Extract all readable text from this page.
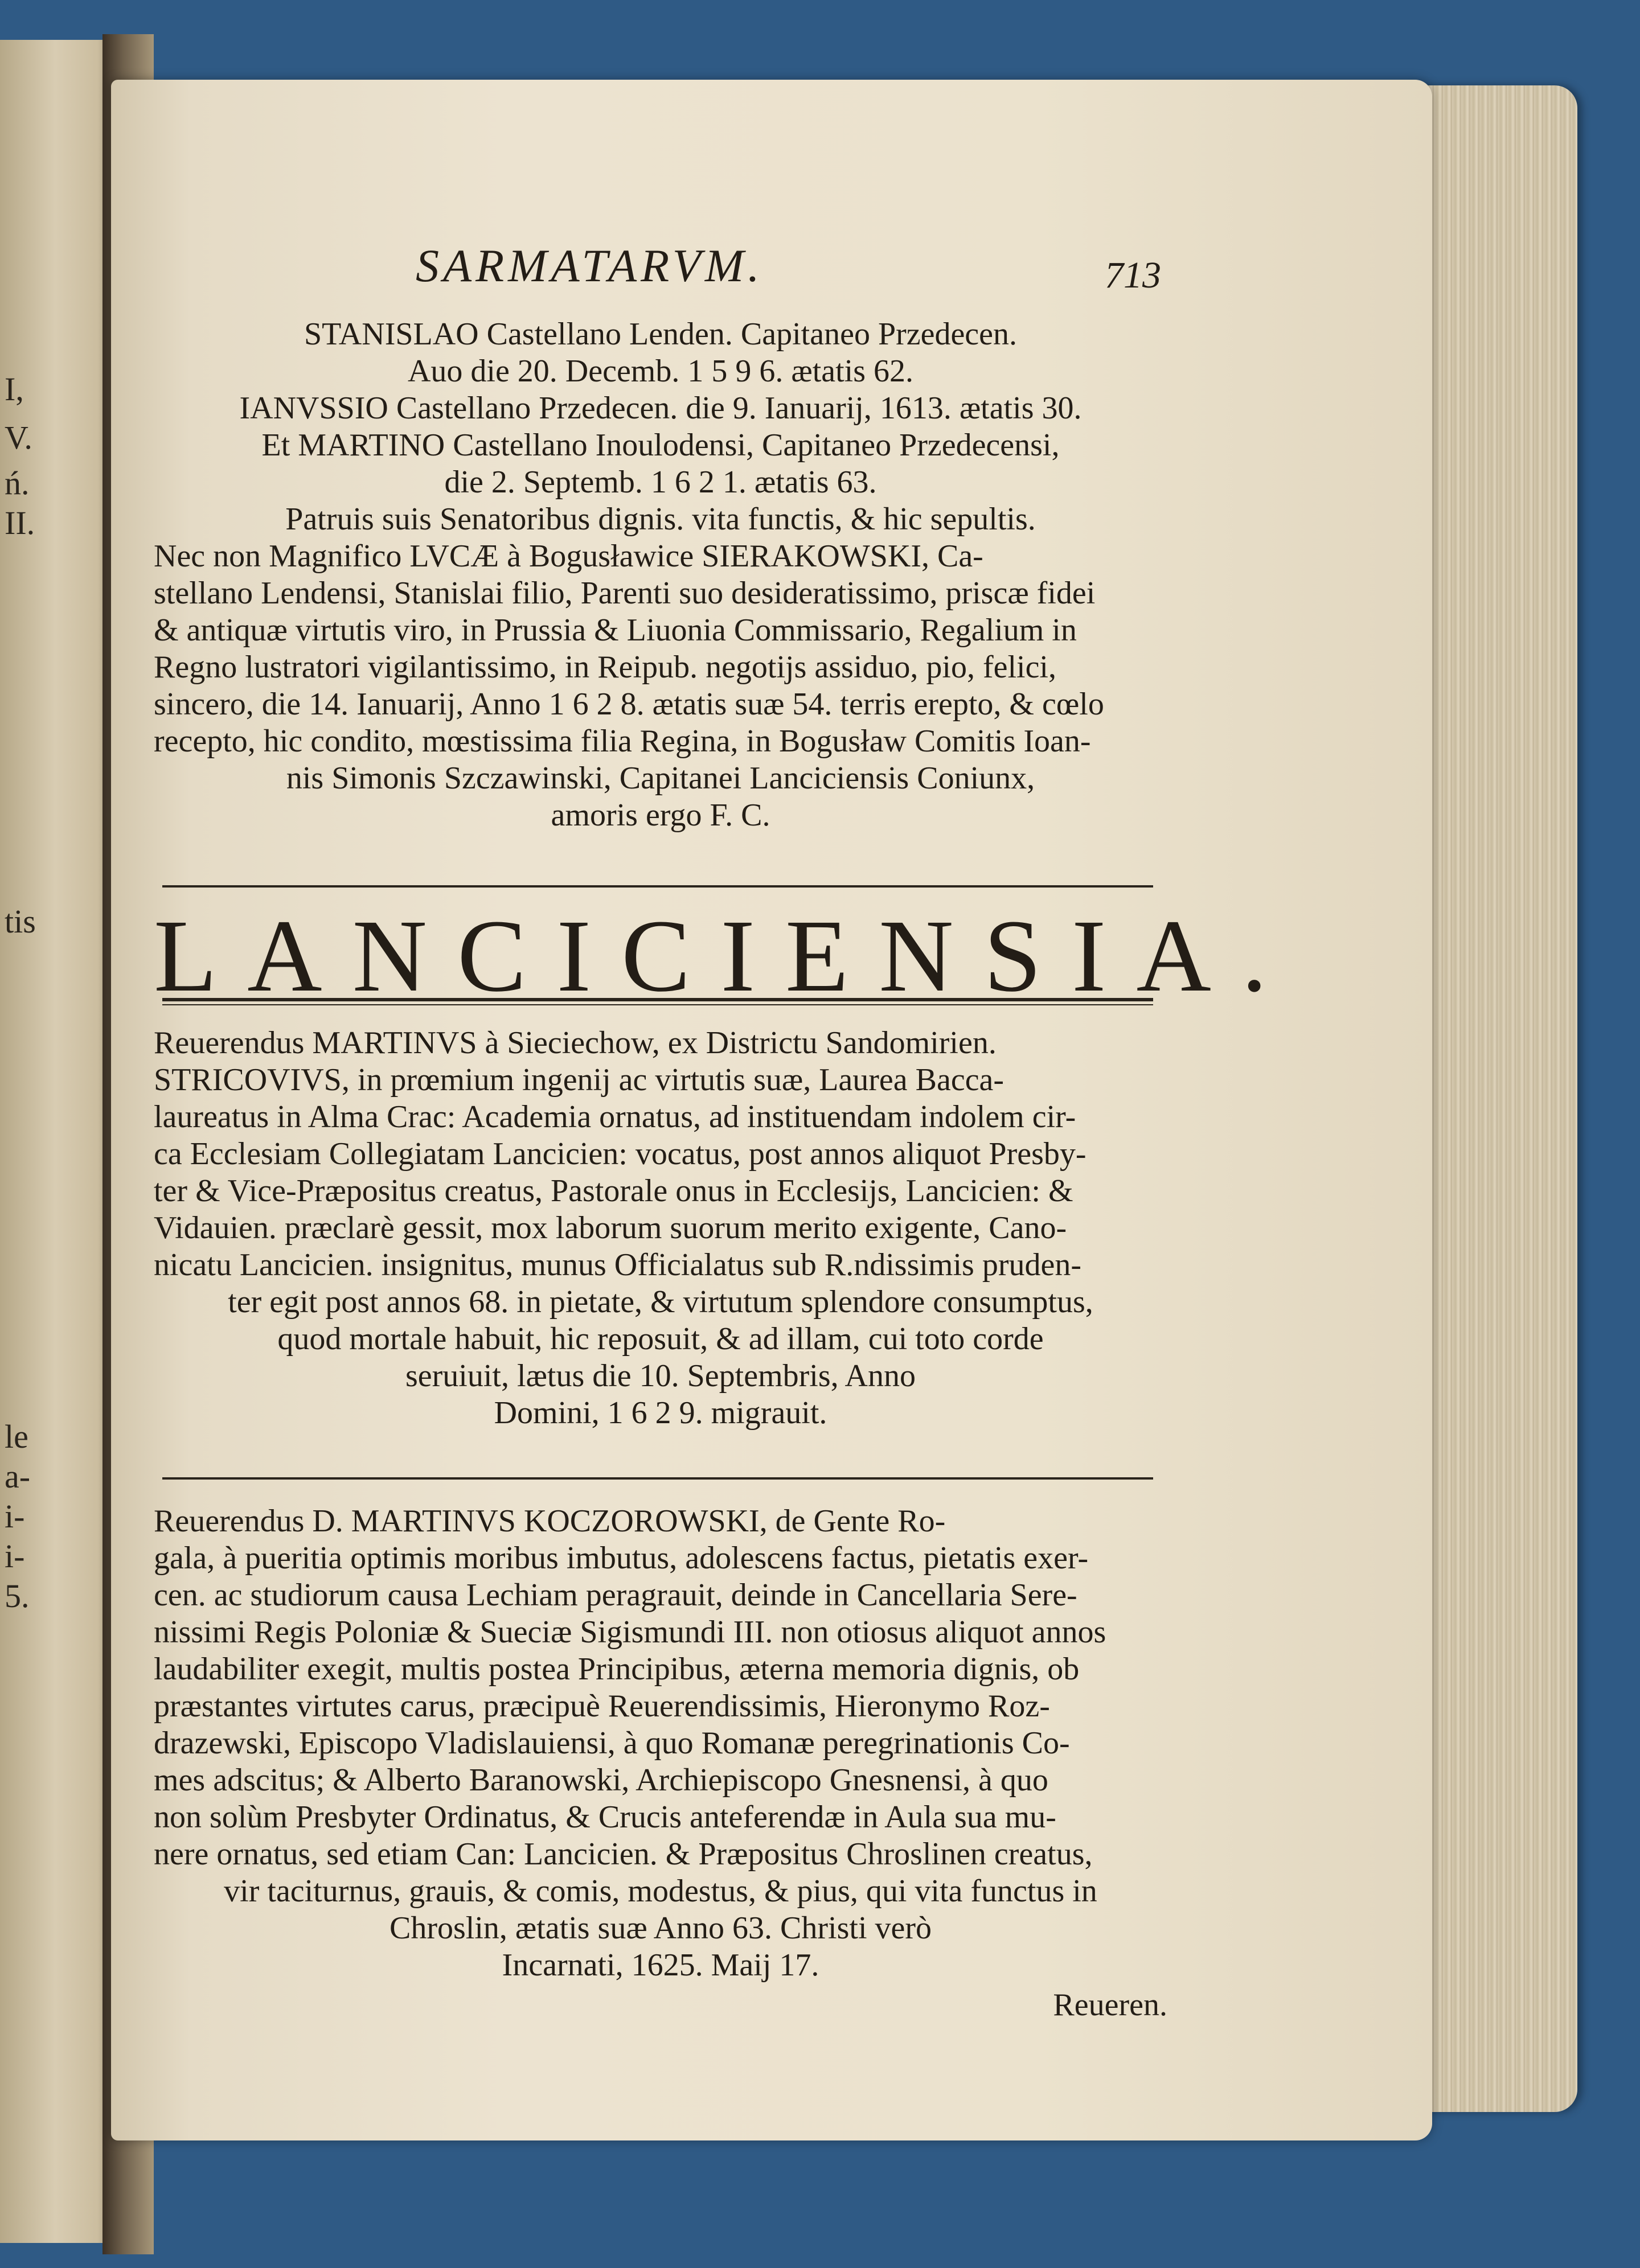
I,
V.
ń.
II.
tis
le
a-
i-
i-
5.
SARMATARVM.	713

STANISLAO Castellano Lenden. Capitaneo Przedecen.

Auo die 20. Decemb. 1 5 9 6. ætatis 62.

IANVSSIO Castellano Przedecen. die 9. Ianuarij, 1613. ætatis 30.

Et MARTINO Castellano Inoulodensi, Capitaneo Przedecensi,

die 2. Septemb. 1 6 2 1. ætatis 63.

Patruis suis Senatoribus dignis. vita functis, & hic sepultis.

Nec non Magnifico LVCÆ à Bogusławice SIERAKOWSKI, Ca-

stellano Lendensi, Stanislai filio, Parenti suo desideratissimo, priscæ fidei

& antiquæ virtutis viro, in Prussia & Liuonia Commissario, Regalium in

Regno lustratori vigilantissimo, in Reipub. negotijs assiduo, pio, felici,

sincero, die 14. Ianuarij, Anno 1 6 2 8. ætatis suæ 54. terris erepto, & cœlo

recepto, hic condito, mœstissima filia Regina, in Bogusław Comitis Ioan-

nis Simonis Szczawinski, Capitanei Lanciciensis Coniunx,

amoris ergo F. C.

LANCICIENSIA.

Reuerendus MARTINVS à Sieciechow, ex Districtu Sandomirien.

STRICOVIVS, in prœmium ingenij ac virtutis suæ, Laurea Bacca-

laureatus in Alma Crac: Academia ornatus, ad instituendam indolem cir-

ca Ecclesiam Collegiatam Lancicien: vocatus, post annos aliquot Presby-

ter & Vice-Præpositus creatus, Pastorale onus in Ecclesijs, Lancicien: &

Vidauien. præclarè gessit, mox laborum suorum merito exigente, Cano-

nicatu Lancicien. insignitus, munus Officialatus sub R.ndissimis pruden-

ter egit post annos 68. in pietate, & virtutum splendore consumptus,

quod mortale habuit, hic reposuit, & ad illam, cui toto corde

seruiuit, lætus die 10. Septembris, Anno

Domini, 1 6 2 9. migrauit.

Reuerendus D. MARTINVS KOCZOROWSKI, de Gente Ro-

gala, à pueritia optimis moribus imbutus, adolescens factus, pietatis exer-

cen. ac studiorum causa Lechiam peragrauit, deinde in Cancellaria Sere-

nissimi Regis Poloniæ & Sueciæ Sigismundi III. non otiosus aliquot annos

laudabiliter exegit, multis postea Principibus, æterna memoria dignis, ob

præstantes virtutes carus, præcipuè Reuerendissimis, Hieronymo Roz-

drazewski, Episcopo Vladislauiensi, à quo Romanæ peregrinationis Co-

mes adscitus; & Alberto Baranowski, Archiepiscopo Gnesnensi, à quo

non solùm Presbyter Ordinatus, & Crucis anteferendæ in Aula sua mu-

nere ornatus, sed etiam Can: Lancicien. & Præpositus Chroslinen creatus,

vir taciturnus, grauis, & comis, modestus, & pius, qui vita functus in

Chroslin, ætatis suæ Anno 63. Christi verò

Incarnati, 1625. Maij 17.

Reueren.
